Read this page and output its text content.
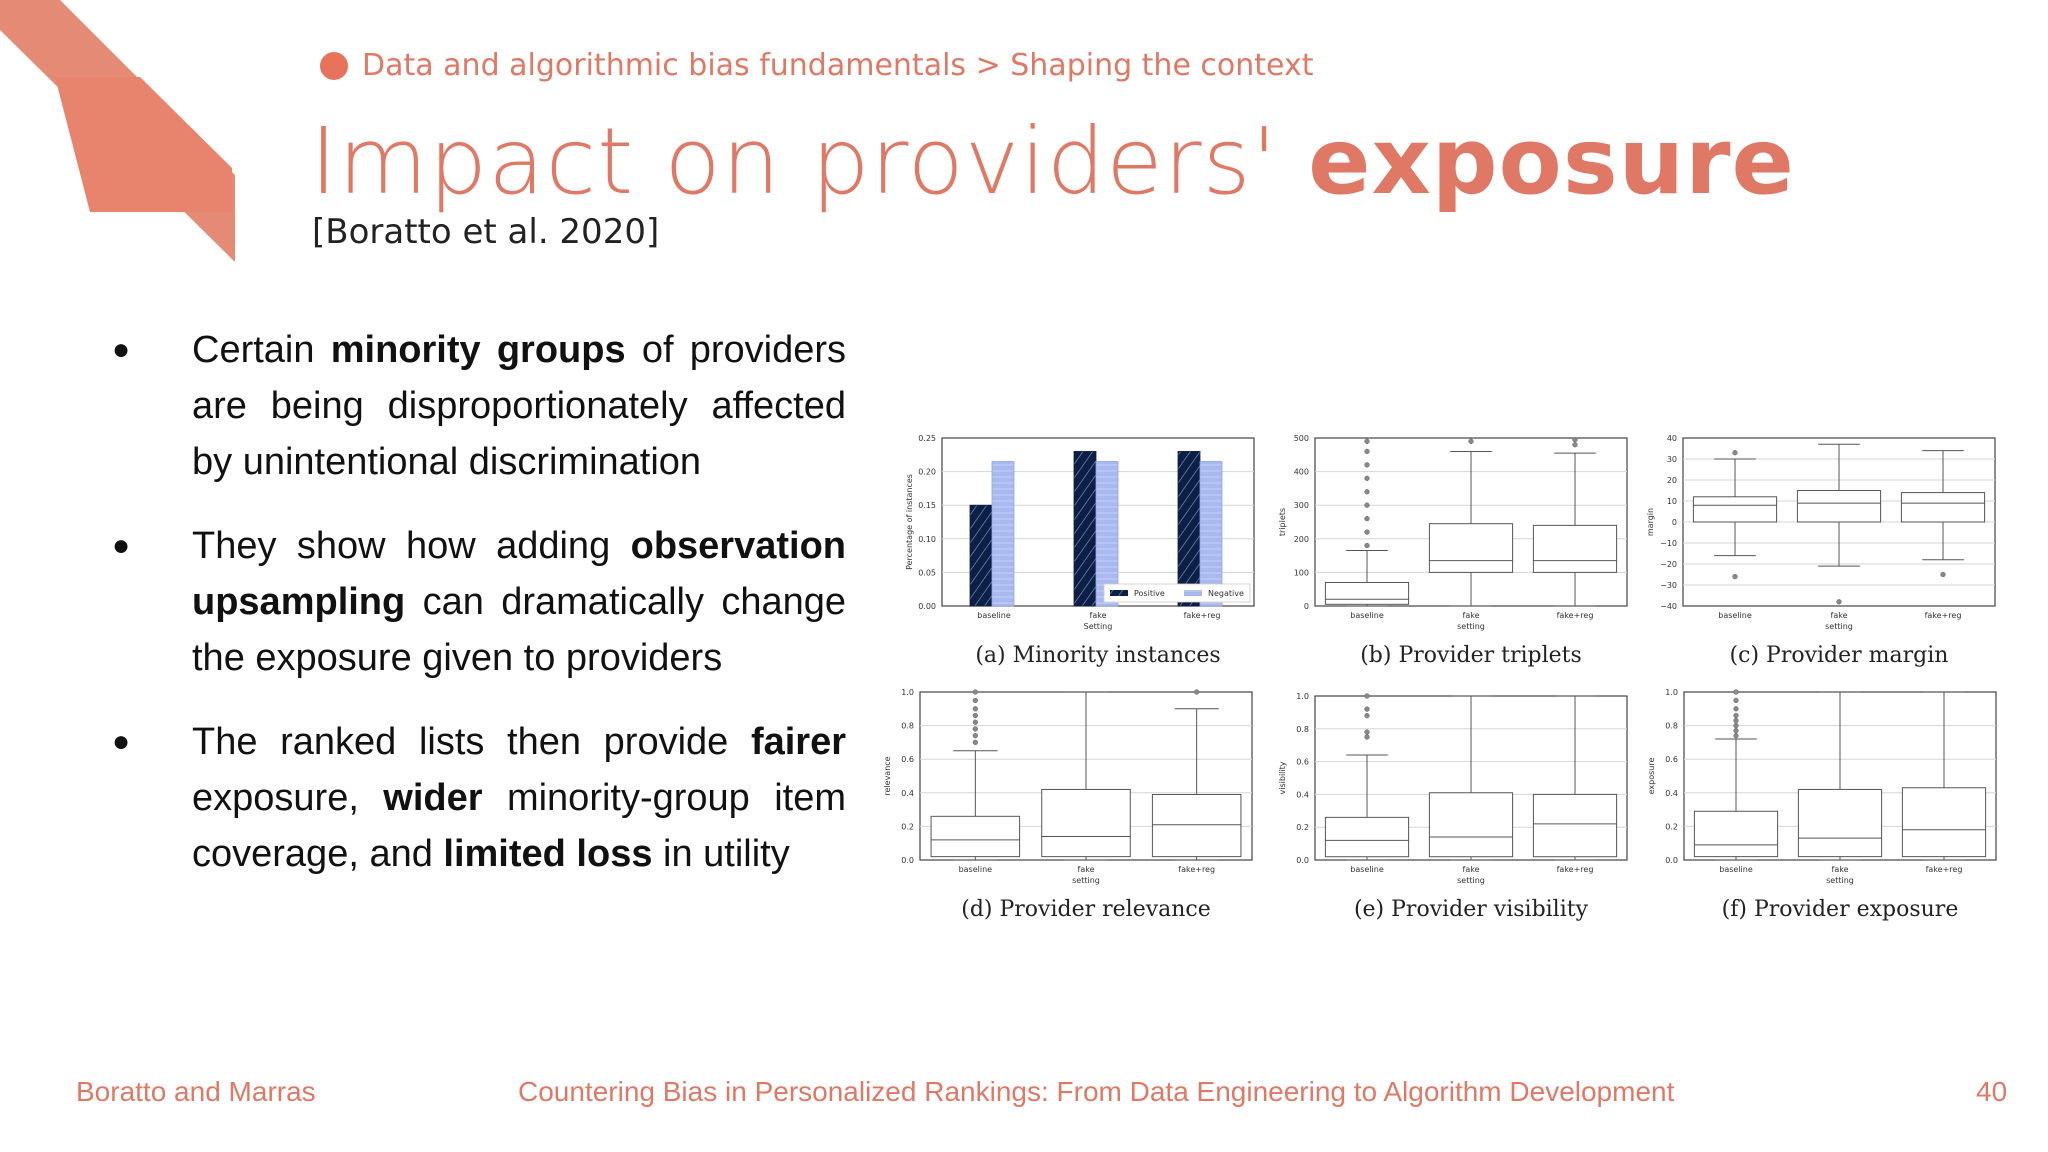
Data and algorithmic bias fundamentals > Shaping the context
Impact on providers' exposure
[Boratto et al. 2020]
●	Certain minority groups of providers are being disproportionately affected by unintentional discrimination
●	They show how adding observation upsampling can dramatically change the exposure given to providers
●	The ranked lists then provide fairer exposure, wider minority-group item coverage, and limited loss in utility
0.00
0.05
0.10
0.15
0.20
0.25
Percentage of instances
baseline	fake	fake+reg
Setting
Positive	Negative
(a) Minority instances
0
100
200
300
400
500
triplets
baseline	fake	fake+reg
setting
(b) Provider triplets
40
30
20
10
0
−10
−20
−30
−40
margin
baseline	fake	fake+reg
setting
(c) Provider margin
0.0
0.2
0.4
0.6
0.8
1.0
relevance
baseline	fake	fake+reg
setting
(d) Provider relevance
0.0
0.2
0.4
0.6
0.8
1.0
visibility
baseline	fake	fake+reg
setting
(e) Provider visibility
0.0
0.2
0.4
0.6
0.8
1.0
exposure
baseline	fake	fake+reg
setting
(f) Provider exposure
Boratto and Marras	Countering Bias in Personalized Rankings: From Data Engineering to Algorithm Development	40
